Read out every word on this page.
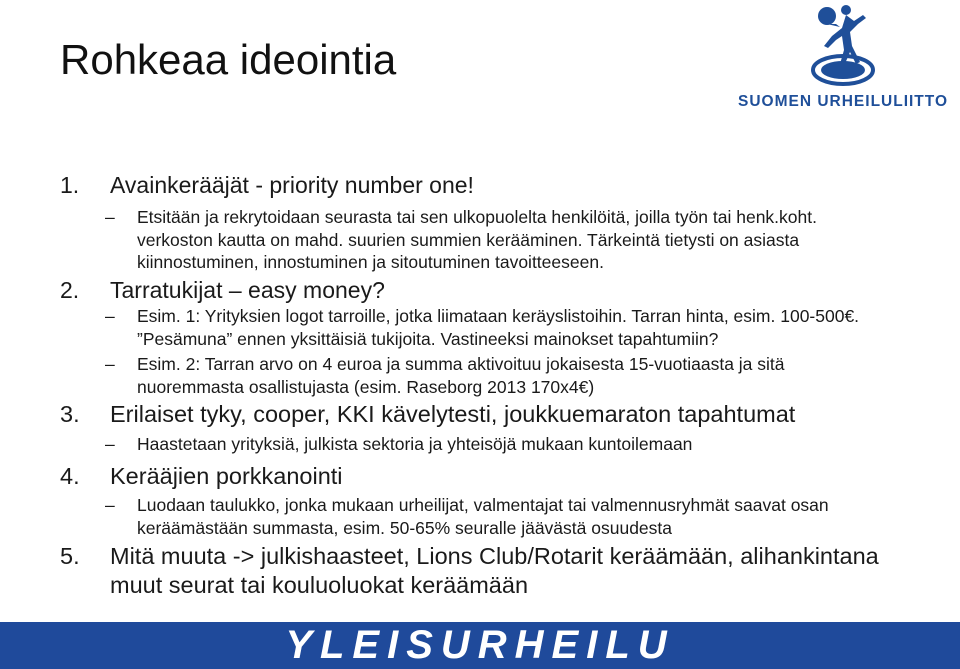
Rohkeaa ideointia
SUOMEN URHEILULIITTO
1. Avainkerääjät - priority number one!
– Etsitään ja rekrytoidaan seurasta tai sen ulkopuolelta henkilöitä, joilla työn tai henk.koht. verkoston kautta on mahd. suurien summien kerääminen. Tärkeintä tietysti on asiasta kiinnostuminen, innostuminen ja sitoutuminen tavoitteeseen.
2. Tarratukijat – easy money?
– Esim. 1: Yrityksien logot tarroille, jotka liimataan keräyslistoihin. Tarran hinta, esim. 100-500€. ”Pesämuna” ennen yksittäisiä tukijoita. Vastineeksi mainokset tapahtumiin?
– Esim. 2: Tarran arvo on 4 euroa ja summa aktivoituu jokaisesta 15-vuotiaasta ja sitä nuoremmasta osallistujasta (esim. Raseborg 2013 170x4€)
3. Erilaiset tyky, cooper, KKI kävelytesti, joukkuemaraton tapahtumat
– Haastetaan yrityksiä, julkista sektoria ja yhteisöjä mukaan kuntoilemaan
4. Kerääjien porkkanointi
– Luodaan taulukko, jonka mukaan urheilijat, valmentajat tai valmennusryhmät saavat osan keräämästään summasta, esim. 50-65% seuralle jäävästä osuudesta
5. Mitä muuta -> julkishaasteet, Lions Club/Rotarit keräämään, alihankintana muut seurat tai kouluoluokat keräämään
YLEISURHEILU
